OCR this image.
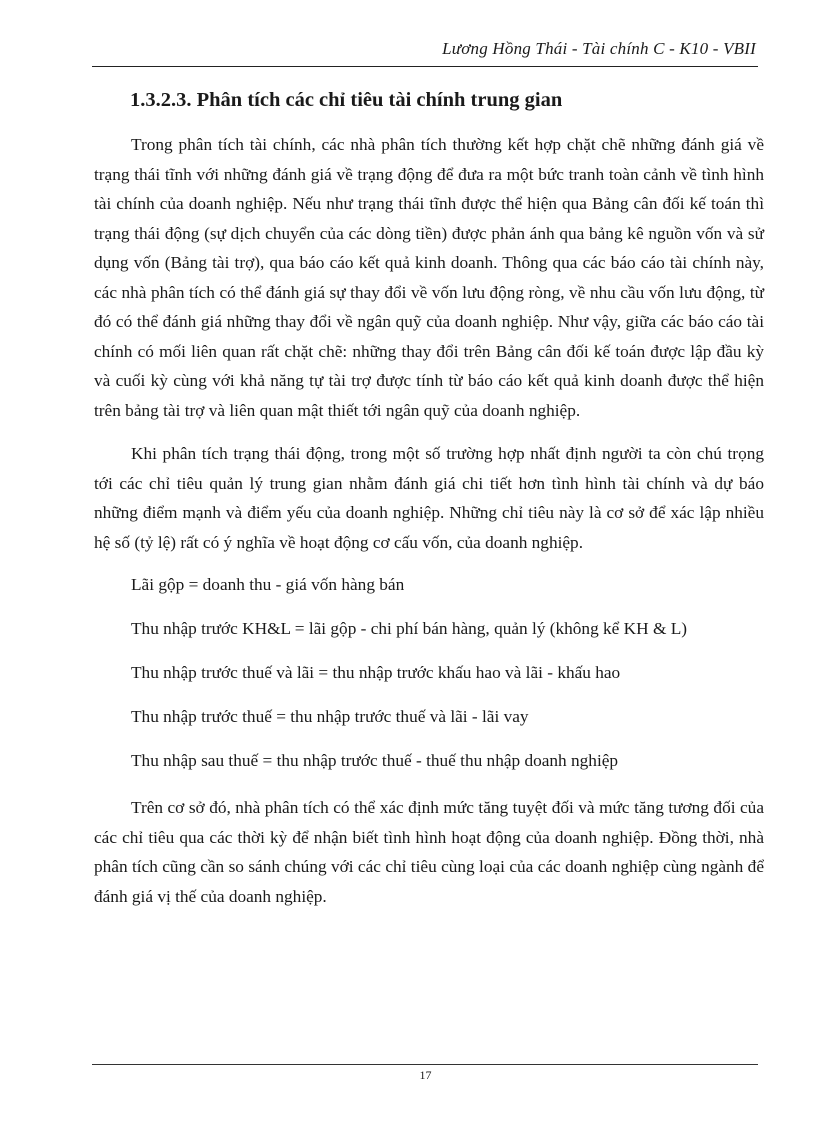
Lương Hồng Thái - Tài chính C - K10 - VBII
1.3.2.3. Phân tích các chỉ tiêu tài chính trung gian

Trong phân tích tài chính, các nhà phân tích thường kết hợp chặt chẽ những đánh giá về trạng thái tĩnh với những đánh giá về trạng động để đưa ra một bức tranh toàn cảnh về tình hình tài chính của doanh nghiệp. Nếu như trạng thái tĩnh được thể hiện qua Bảng cân đối kế toán thì trạng thái động (sự dịch chuyển của các dòng tiền) được phản ánh qua bảng kê nguồn vốn và sử dụng vốn (Bảng tài trợ), qua báo cáo kết quả kinh doanh. Thông qua các báo cáo tài chính này, các nhà phân tích có thể đánh giá sự thay đổi về vốn lưu động ròng, về nhu cầu vốn lưu động, từ đó có thể đánh giá những thay đổi về ngân quỹ của doanh nghiệp. Như vậy, giữa các báo cáo tài chính có mối liên quan rất chặt chẽ: những thay đổi trên Bảng cân đối kế toán được lập đầu kỳ và cuối kỳ cùng với khả năng tự tài trợ được tính từ báo cáo kết quả kinh doanh được thể hiện trên bảng tài trợ và liên quan mật thiết tới ngân quỹ của doanh nghiệp.

Khi phân tích trạng thái động, trong một số trường hợp nhất định người ta còn chú trọng tới các chỉ tiêu quản lý trung gian nhằm đánh giá chi tiết hơn tình hình tài chính và dự báo những điểm mạnh và điểm yếu của doanh nghiệp. Những chỉ tiêu này là cơ sở để xác lập nhiều hệ số (tỷ lệ) rất có ý nghĩa về hoạt động cơ cấu vốn, của doanh nghiệp.

Lãi gộp = doanh thu - giá vốn hàng bán

Thu nhập trước KH&L = lãi gộp - chi phí bán hàng, quản lý (không kể KH & L)

Thu nhập trước thuế và lãi = thu nhập trước khấu hao và lãi - khấu hao

Thu nhập trước thuế = thu nhập trước thuế và lãi - lãi vay

Thu nhập sau thuế = thu nhập trước thuế - thuế thu nhập doanh nghiệp

Trên cơ sở đó, nhà phân tích có thể xác định mức tăng tuyệt đối và mức tăng tương đối của các chỉ tiêu qua các thời kỳ để nhận biết tình hình hoạt động của doanh nghiệp. Đồng thời, nhà phân tích cũng cần so sánh chúng với các chỉ tiêu cùng loại của các doanh nghiệp cùng ngành để đánh giá vị thế của doanh nghiệp.

17
